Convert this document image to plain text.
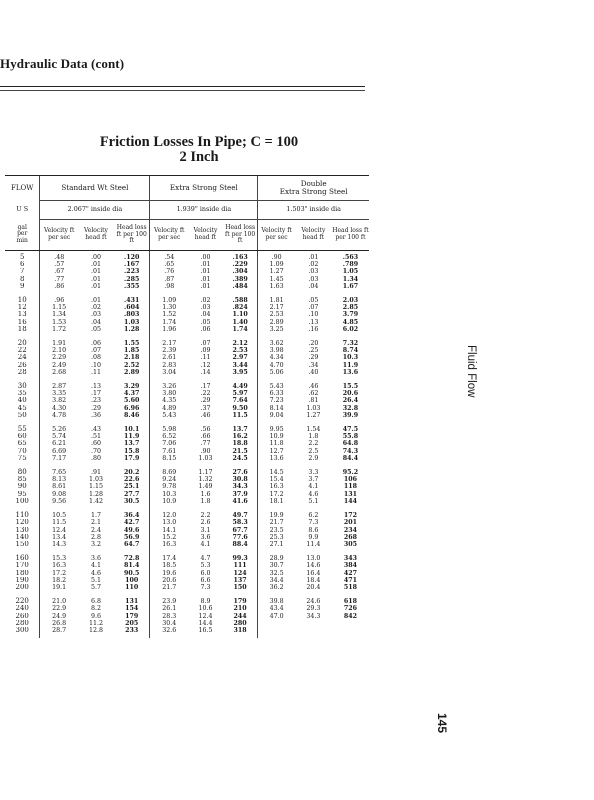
Hydraulic Data (cont)
Friction Losses In Pipe; C = 100
2 Inch
FLOW	Standard Wt Steel			Extra Strong Steel			Double
Extra Strong Steel		

U S	2.067" inside dia			1.939" inside dia			1.503" inside dia		

gal
per
min	Velocity ft per sec	Velocity head ft	Head loss ft per 100 ft	Velocity ft per sec	Velocity head ft	Head loss ft per 100 ft	Velocity ft per sec	Velocity head ft	Head loss ft per 100 ft
5	.48	.00	.120	.54	.00	.163	.90	.01	.563
6	.57	.01	.167	.65	.01	.229	1.09	.02	.789
7	.67	.01	.223	.76	.01	.304	1.27	.03	1.05
8	.77	.01	.285	.87	.01	.389	1.45	.03	1.34
9	.86	.01	.355	.98	.01	.484	1.63	.04	1.67
10	.96	.01	.431	1.09	.02	.588	1.81	.05	2.03
12	1.15	.02	.604	1.30	.03	.824	2.17	.07	2.85
13	1.34	.03	.803	1.52	.04	1.10	2.53	.10	3.79
16	1.53	.04	1.03	1.74	.05	1.40	2.89	.13	4.85
18	1.72	.05	1.28	1.96	.06	1.74	3.25	.16	6.02
20	1.91	.06	1.55	2.17	.07	2.12	3.62	.20	7.32
22	2.10	.07	1.85	2.39	.09	2.53	3.98	.25	8.74
24	2.29	.08	2.18	2.61	.11	2.97	4.34	.29	10.3
26	2.49	.10	2.52	2.83	.12	3.44	4.70	.34	11.9
28	2.68	.11	2.89	3.04	.14	3.95	5.06	.40	13.6
30	2.87	.13	3.29	3.26	.17	4.49	5.43	.46	15.5
35	3.35	.17	4.37	3.80	.22	5.97	6.33	.62	20.6
40	3.82	.23	5.60	4.35	.29	7.64	7.23	.81	26.4
45	4.30	.29	6.96	4.89	.37	9.50	8.14	1.03	32.8
50	4.78	.36	8.46	5.43	.46	11.5	9.04	1.27	39.9
55	5.26	.43	10.1	5.98	.56	13.7	9.95	1.54	47.5
60	5.74	.51	11.9	6.52	.66	16.2	10.9	1.8	55.8
65	6.21	.60	13.7	7.06	.77	18.8	11.8	2.2	64.8
70	6.69	.70	15.8	7.61	.90	21.5	12.7	2.5	74.3
75	7.17	.80	17.9	8.15	1.03	24.5	13.6	2.9	84.4
80	7.65	.91	20.2	8.69	1.17	27.6	14.5	3.3	95.2
85	8.13	1.03	22.6	9.24	1.32	30.8	15.4	3.7	106
90	8.61	1.15	25.1	9.78	1.49	34.3	16.3	4.1	118
95	9.08	1.28	27.7	10.3	1.6	37.9	17.2	4.6	131
100	9.56	1.42	30.5	10.9	1.8	41.6	18.1	5.1	144
110	10.5	1.7	36.4	12.0	2.2	49.7	19.9	6.2	172
120	11.5	2.1	42.7	13.0	2.6	58.3	21.7	7.3	201
130	12.4	2.4	49.6	14.1	3.1	67.7	23.5	8.6	234
140	13.4	2.8	56.9	15.2	3.6	77.6	25.3	9.9	268
150	14.3	3.2	64.7	16.3	4.1	88.4	27.1	11.4	305
160	15.3	3.6	72.8	17.4	4.7	99.3	28.9	13.0	343
170	16.3	4.1	81.4	18.5	5.3	111	30.7	14.6	384
180	17.2	4.6	90.5	19.6	6.0	124	32.5	16.4	427
190	18.2	5.1	100	20.6	6.6	137	34.4	18.4	471
200	19.1	5.7	110	21.7	7.3	150	36.2	20.4	518
220	21.0	6.8	131	23.9	8.9	179	39.8	24.6	618
240	22.9	8.2	154	26.1	10.6	210	43.4	29.3	726
260	24.9	9.6	179	28.3	12.4	244	47.0	34.3	842
280	26.8	11.2	205	30.4	14.4	280			
300	28.7	12.8	233	32.6	16.5	318			
Fluid Flow
145
